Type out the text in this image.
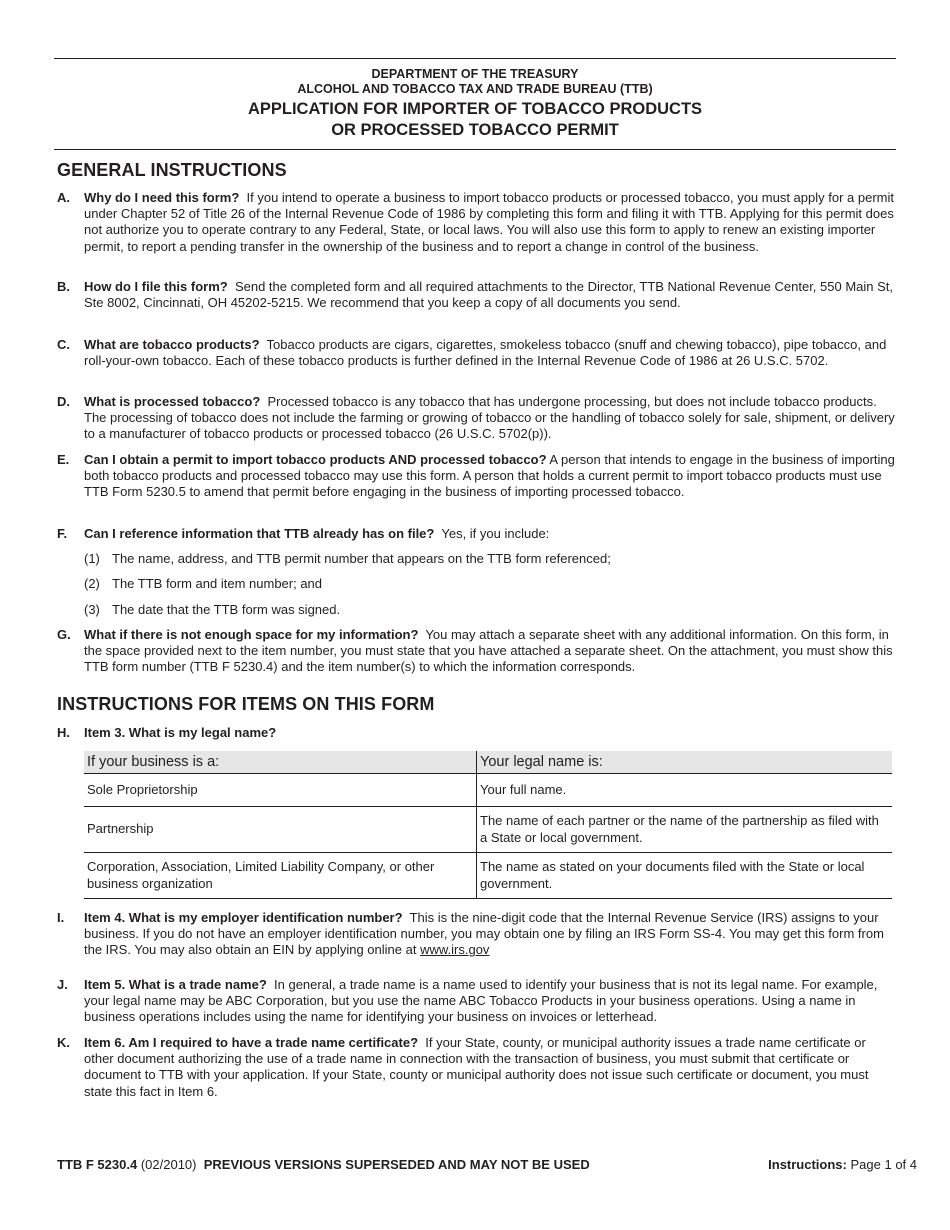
DEPARTMENT OF THE TREASURY
ALCOHOL AND TOBACCO TAX AND TRADE BUREAU (TTB)
APPLICATION FOR IMPORTER OF TOBACCO PRODUCTS
OR PROCESSED TOBACCO PERMIT
GENERAL INSTRUCTIONS
A. Why do I need this form? If you intend to operate a business to import tobacco products or processed tobacco, you must apply for a permit under Chapter 52 of Title 26 of the Internal Revenue Code of 1986 by completing this form and filing it with TTB. Applying for this permit does not authorize you to operate contrary to any Federal, State, or local laws. You will also use this form to apply to renew an existing importer permit, to report a pending transfer in the ownership of the business and to report a change in control of the business.
B. How do I file this form? Send the completed form and all required attachments to the Director, TTB National Revenue Center, 550 Main St, Ste 8002, Cincinnati, OH 45202-5215. We recommend that you keep a copy of all documents you send.
C. What are tobacco products? Tobacco products are cigars, cigarettes, smokeless tobacco (snuff and chewing tobacco), pipe tobacco, and roll-your-own tobacco. Each of these tobacco products is further defined in the Internal Revenue Code of 1986 at 26 U.S.C. 5702.
D. What is processed tobacco? Processed tobacco is any tobacco that has undergone processing, but does not include tobacco products. The processing of tobacco does not include the farming or growing of tobacco or the handling of tobacco solely for sale, shipment, or delivery to a manufacturer of tobacco products or processed tobacco (26 U.S.C. 5702(p)).
E. Can I obtain a permit to import tobacco products AND processed tobacco? A person that intends to engage in the business of importing both tobacco products and processed tobacco may use this form. A person that holds a current permit to import tobacco products must use TTB Form 5230.5 to amend that permit before engaging in the business of importing processed tobacco.
F. Can I reference information that TTB already has on file? Yes, if you include:
(1) The name, address, and TTB permit number that appears on the TTB form referenced;
(2) The TTB form and item number; and
(3) The date that the TTB form was signed.
G. What if there is not enough space for my information? You may attach a separate sheet with any additional information. On this form, in the space provided next to the item number, you must state that you have attached a separate sheet. On the attachment, you must show this TTB form number (TTB F 5230.4) and the item number(s) to which the information corresponds.
INSTRUCTIONS FOR ITEMS ON THIS FORM
H. Item 3. What is my legal name?
If your business is a:	Your legal name is:
Sole Proprietorship	Your full name.
Partnership	The name of each partner or the name of the partnership as filed with a State or local government.
Corporation, Association, Limited Liability Company, or other business organization	The name as stated on your documents filed with the State or local government.
I. Item 4. What is my employer identification number? This is the nine-digit code that the Internal Revenue Service (IRS) assigns to your business. If you do not have an employer identification number, you may obtain one by filing an IRS Form SS-4. You may get this form from the IRS. You may also obtain an EIN by applying online at www.irs.gov
J. Item 5. What is a trade name? In general, a trade name is a name used to identify your business that is not its legal name. For example, your legal name may be ABC Corporation, but you use the name ABC Tobacco Products in your business operations. Using a name in business operations includes using the name for identifying your business on invoices or letterhead.
K. Item 6. Am I required to have a trade name certificate? If your State, county, or municipal authority issues a trade name certificate or other document authorizing the use of a trade name in connection with the transaction of business, you must submit that certificate or document to TTB with your application. If your State, county or municipal authority does not issue such certificate or document, you must state this fact in Item 6.
TTB F 5230.4 (02/2010) PREVIOUS VERSIONS SUPERSEDED AND MAY NOT BE USED	Instructions: Page 1 of 4
